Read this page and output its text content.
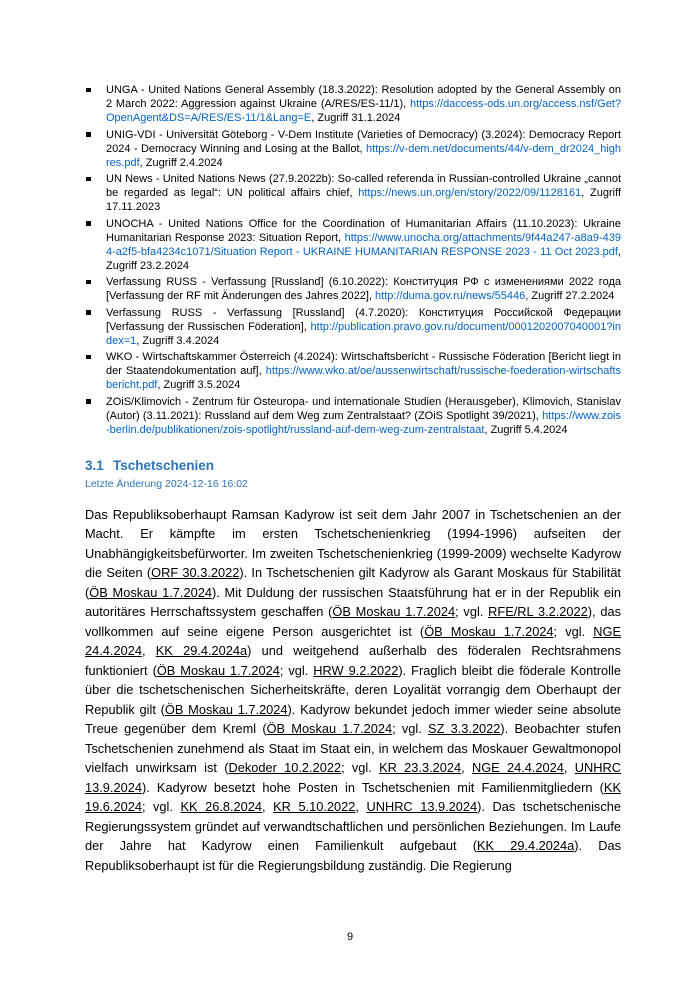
UNGA - United Nations General Assembly (18.3.2022): Resolution adopted by the General Assembly on 2 March 2022: Aggression against Ukraine (A/RES/ES-11/1), https://daccess-ods.un.org/access.nsf/Get?OpenAgent&DS=A/RES/ES-11/1&Lang=E, Zugriff 31.1.2024
UNIG-VDI - Universität Göteborg - V-Dem Institute (Varieties of Democracy) (3.2024): Democracy Report 2024 - Democracy Winning and Losing at the Ballot, https://v-dem.net/documents/44/v-dem_dr2024_highres.pdf, Zugriff 2.4.2024
UN News - United Nations News (27.9.2022b): So-called referenda in Russian-controlled Ukraine „cannot be regarded as legal“: UN political affairs chief, https://news.un.org/en/story/2022/09/1128161, Zugriff 17.11.2023
UNOCHA - United Nations Office for the Coordination of Humanitarian Affairs (11.10.2023): Ukraine Humanitarian Response 2023: Situation Report, https://www.unocha.org/attachments/9f44a247-a8a9-4394-a2f5-bfa4234c1071/Situation Report - UKRAINE HUMANITARIAN RESPONSE 2023 - 11 Oct 2023.pdf, Zugriff 23.2.2024
Verfassung RUSS - Verfassung [Russland] (6.10.2022): Конституция РФ с изменениями 2022 года [Verfassung der RF mit Änderungen des Jahres 2022], http://duma.gov.ru/news/55446, Zugriff 27.2.2024
Verfassung RUSS - Verfassung [Russland] (4.7.2020): Конституция Российской Федерации [Verfassung der Russischen Föderation], http://publication.pravo.gov.ru/document/0001202007040001?index=1, Zugriff 3.4.2024
WKO - Wirtschaftskammer Österreich (4.2024): Wirtschaftsbericht - Russische Föderation [Bericht liegt in der Staatendokumentation auf], https://www.wko.at/oe/aussenwirtschaft/russische-foederation-wirtschaftsbericht.pdf, Zugriff 3.5.2024
ZOiS/Klimovich - Zentrum für Osteuropa- und internationale Studien (Herausgeber), Klimovich, Stanislav (Autor) (3.11.2021): Russland auf dem Weg zum Zentralstaat? (ZOiS Spotlight 39/2021), https://www.zois-berlin.de/publikationen/zois-spotlight/russland-auf-dem-weg-zum-zentralstaat, Zugriff 5.4.2024
3.1 Tschetschenien
Letzte Änderung 2024-12-16 16:02

Das Republiksoberhaupt Ramsan Kadyrow ist seit dem Jahr 2007 in Tschetschenien an der Macht. Er kämpfte im ersten Tschetschenienkrieg (1994-1996) aufseiten der Unabhängigkeitsbefürworter. Im zweiten Tschetschenienkrieg (1999-2009) wechselte Kadyrow die Seiten (ORF 30.3.2022). In Tschetschenien gilt Kadyrow als Garant Moskaus für Stabilität (ÖB Moskau 1.7.2024). Mit Duldung der russischen Staatsführung hat er in der Republik ein autoritäres Herrschaftssystem geschaffen (ÖB Moskau 1.7.2024; vgl. RFE/RL 3.2.2022), das vollkommen auf seine eigene Person ausgerichtet ist (ÖB Moskau 1.7.2024; vgl. NGE 24.4.2024, KK 29.4.2024a) und weitgehend außerhalb des föderalen Rechtsrahmens funktioniert (ÖB Moskau 1.7.2024; vgl. HRW 9.2.2022). Fraglich bleibt die föderale Kontrolle über die tschetschenischen Sicherheitskräfte, deren Loyalität vorrangig dem Oberhaupt der Republik gilt (ÖB Moskau 1.7.2024). Kadyrow bekundet jedoch immer wieder seine absolute Treue gegenüber dem Kreml (ÖB Moskau 1.7.2024; vgl. SZ 3.3.2022). Beobachter stufen Tschetschenien zunehmend als Staat im Staat ein, in welchem das Moskauer Gewaltmonopol vielfach unwirksam ist (Dekoder 10.2.2022; vgl. KR 23.3.2024, NGE 24.4.2024, UNHRC 13.9.2024). Kadyrow besetzt hohe Posten in Tschetschenien mit Familienmitgliedern (KK 19.6.2024; vgl. KK 26.8.2024, KR 5.10.2022, UNHRC 13.9.2024). Das tschetschenische Regierungssystem gründet auf verwandtschaftlichen und persönlichen Beziehungen. Im Laufe der Jahre hat Kadyrow einen Familienkult aufgebaut (KK 29.4.2024a). Das Republiksoberhaupt ist für die Regierungsbildung zuständig. Die Regierung

9
